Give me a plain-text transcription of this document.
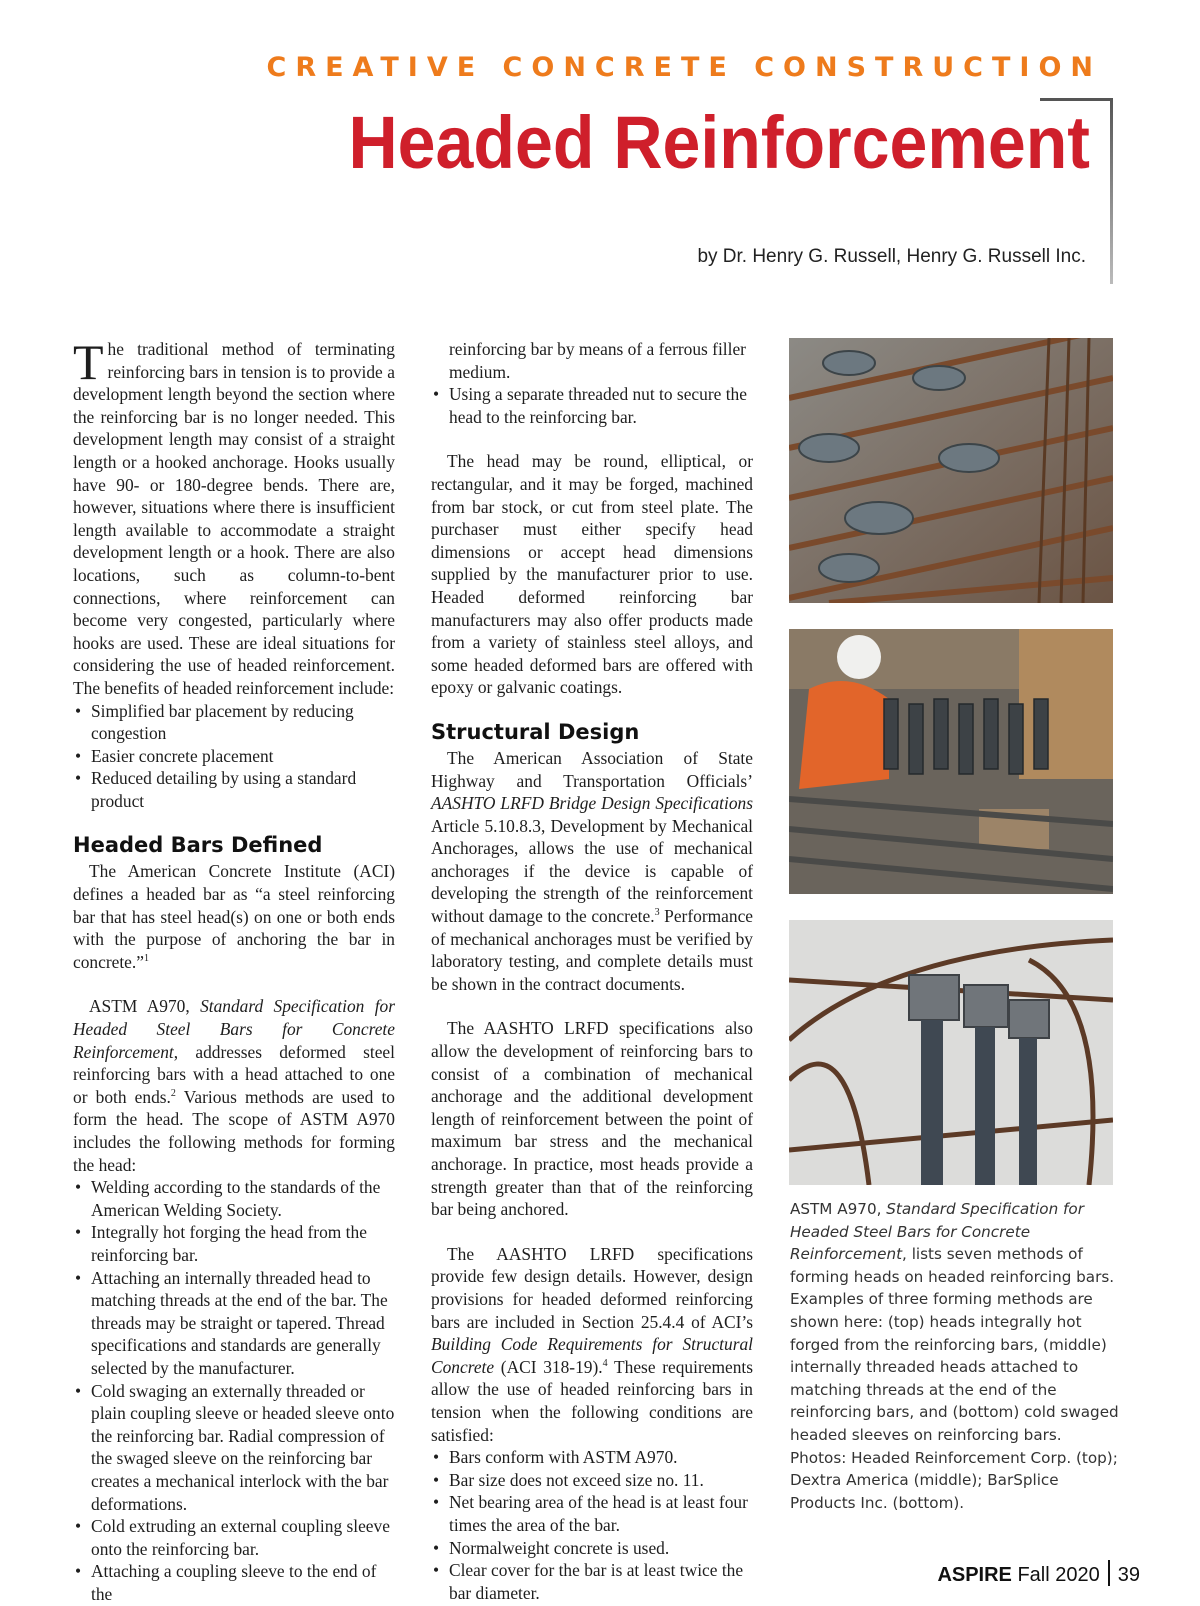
CREATIVE CONCRETE CONSTRUCTION
Headed Reinforcement
by Dr. Henry G. Russell, Henry G. Russell Inc.

The traditional method of terminating reinforcing bars in tension is to provide a development length beyond the section where the reinforcing bar is no longer needed. This development length may consist of a straight length or a hooked anchorage. Hooks usually have 90- or 180-degree bends. There are, however, situations where there is insufficient length available to accommodate a straight development length or a hook. There are also locations, such as column-to-bent connections, where reinforcement can become very congested, particularly where hooks are used. These are ideal situations for considering the use of headed reinforcement. The benefits of headed reinforcement include:

• Simplified bar placement by reducing congestion
• Easier concrete placement
• Reduced detailing by using a standard product
Headed Bars Defined

The American Concrete Institute (ACI) defines a headed bar as “a steel reinforcing bar that has steel head(s) on one or both ends with the purpose of anchoring the bar in concrete.”$^1$

ASTM A970, Standard Specification for Headed Steel Bars for Concrete Reinforcement, addresses deformed steel reinforcing bars with a head attached to one or both ends.$^2$ Various methods are used to form the head. The scope of ASTM A970 includes the following methods for forming the head:

• Welding according to the standards of the American Welding Society.
• Integrally hot forging the head from the reinforcing bar.
• Attaching an internally threaded head to matching threads at the end of the bar. The threads may be straight or tapered. Thread specifications and standards are generally selected by the manufacturer.
• Cold swaging an externally threaded or plain coupling sleeve or headed sleeve onto the reinforcing bar. Radial compression of the swaged sleeve on the reinforcing bar creates a mechanical interlock with the bar deformations.
• Cold extruding an external coupling sleeve onto the reinforcing bar.
• Attaching a coupling sleeve to the end of the
reinforcing bar by means of a ferrous filler medium.
• Using a separate threaded nut to secure the head to the reinforcing bar.

The head may be round, elliptical, or rectangular, and it may be forged, machined from bar stock, or cut from steel plate. The purchaser must either specify head dimensions or accept head dimensions supplied by the manufacturer prior to use. Headed deformed reinforcing bar manufacturers may also offer products made from a variety of stainless steel alloys, and some headed deformed bars are offered with epoxy or galvanic coatings.

Structural Design

The American Association of State Highway and Transportation Officials’ AASHTO LRFD Bridge Design Specifications Article 5.10.8.3, Development by Mechanical Anchorages, allows the use of mechanical anchorages if the device is capable of developing the strength of the reinforcement without damage to the concrete.$^3$ Performance of mechanical anchorages must be verified by laboratory testing, and complete details must be shown in the contract documents.

The AASHTO LRFD specifications also allow the development of reinforcing bars to consist of a combination of mechanical anchorage and the additional development length of reinforcement between the point of maximum bar stress and the mechanical anchorage. In practice, most heads provide a strength greater than that of the reinforcing bar being anchored.

The AASHTO LRFD specifications provide few design details. However, design provisions for headed deformed reinforcing bars are included in Section 25.4.4 of ACI’s Building Code Requirements for Structural Concrete (ACI 318-19).$^4$ These requirements allow the use of headed reinforcing bars in tension when the following conditions are satisfied:

• Bars conform with ASTM A970.
• Bar size does not exceed size no. 11.
• Net bearing area of the head is at least four times the area of the bar.
• Normalweight concrete is used.
• Clear cover for the bar is at least twice the bar diameter.
ASTM A970, Standard Specification for Headed Steel Bars for Concrete Reinforcement, lists seven methods of forming heads on headed reinforcing bars. Examples of three forming methods are shown here: (top) heads integrally hot forged from the reinforcing bars, (middle) internally threaded heads attached to matching threads at the end of the reinforcing bars, and (bottom) cold swaged headed sleeves on reinforcing bars. Photos: Headed Reinforcement Corp. (top); Dextra America (middle); BarSplice Products Inc. (bottom).
ASPIRE Fall 2020 39
